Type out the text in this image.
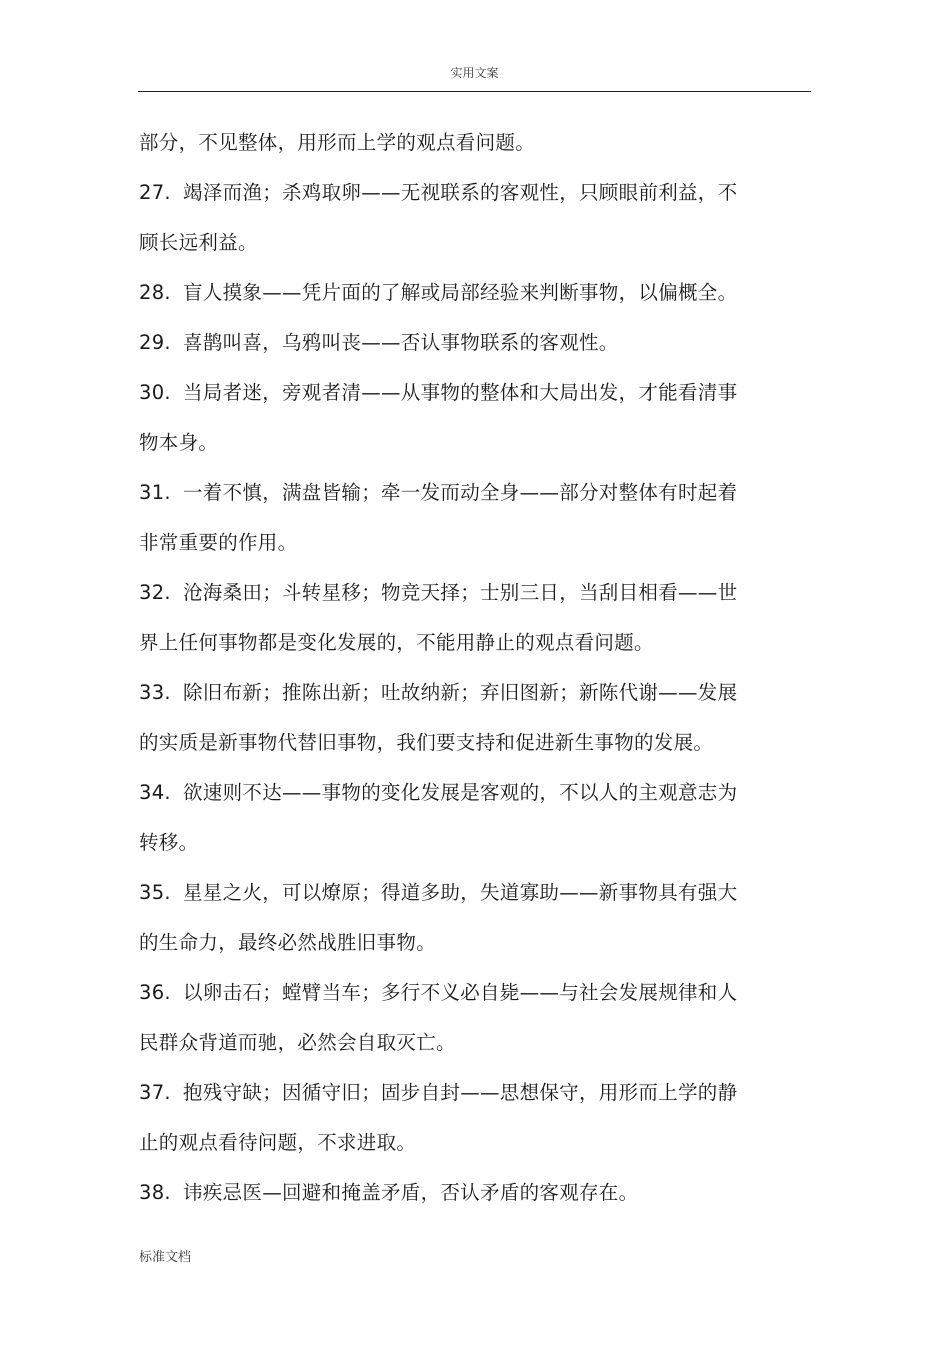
实用文案
部分，不见整体，用形而上学的观点看问题。
27. 竭泽而渔；杀鸡取卵——无视联系的客观性，只顾眼前利益，不
顾长远利益。
28. 盲人摸象——凭片面的了解或局部经验来判断事物，以偏概全。
29. 喜鹊叫喜，乌鸦叫丧——否认事物联系的客观性。
30. 当局者迷，旁观者清——从事物的整体和大局出发，才能看清事
物本身。
31. 一着不慎，满盘皆输；牵一发而动全身——部分对整体有时起着
非常重要的作用。
32. 沧海桑田；斗转星移；物竞天择；士别三日，当刮目相看——世
界上任何事物都是变化发展的，不能用静止的观点看问题。
33. 除旧布新；推陈出新；吐故纳新；弃旧图新；新陈代谢——发展
的实质是新事物代替旧事物，我们要支持和促进新生事物的发展。
34. 欲速则不达——事物的变化发展是客观的，不以人的主观意志为
转移。
35. 星星之火，可以燎原；得道多助，失道寡助——新事物具有强大
的生命力，最终必然战胜旧事物。
36. 以卵击石；螳臂当车；多行不义必自毙——与社会发展规律和人
民群众背道而驰，必然会自取灭亡。
37. 抱残守缺；因循守旧；固步自封——思想保守，用形而上学的静
止的观点看待问题，不求进取。
38. 讳疾忌医—回避和掩盖矛盾，否认矛盾的客观存在。
标准文档
